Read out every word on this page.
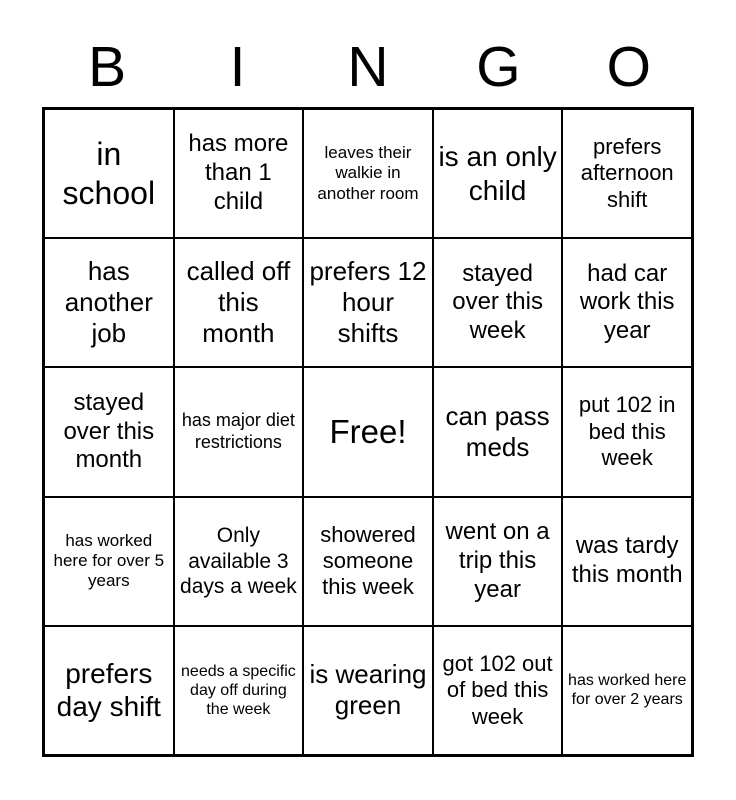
B I N G O
in school
has more than 1 child
leaves their walkie in another room
is an only child
prefers afternoon shift
has another job
called off this month
prefers 12 hour shifts
stayed over this week
had car work this year
stayed over this month
has major diet restrictions	Free!	can pass meds
put 102 in bed this week
has worked here for over 5 years
Only available 3 days a week
showered someone this week
went on a trip this year
was tardy this month
prefers day shift
needs a specific day off during the week
is wearing green
got 102 out of bed this week
has worked here for over 2 years
